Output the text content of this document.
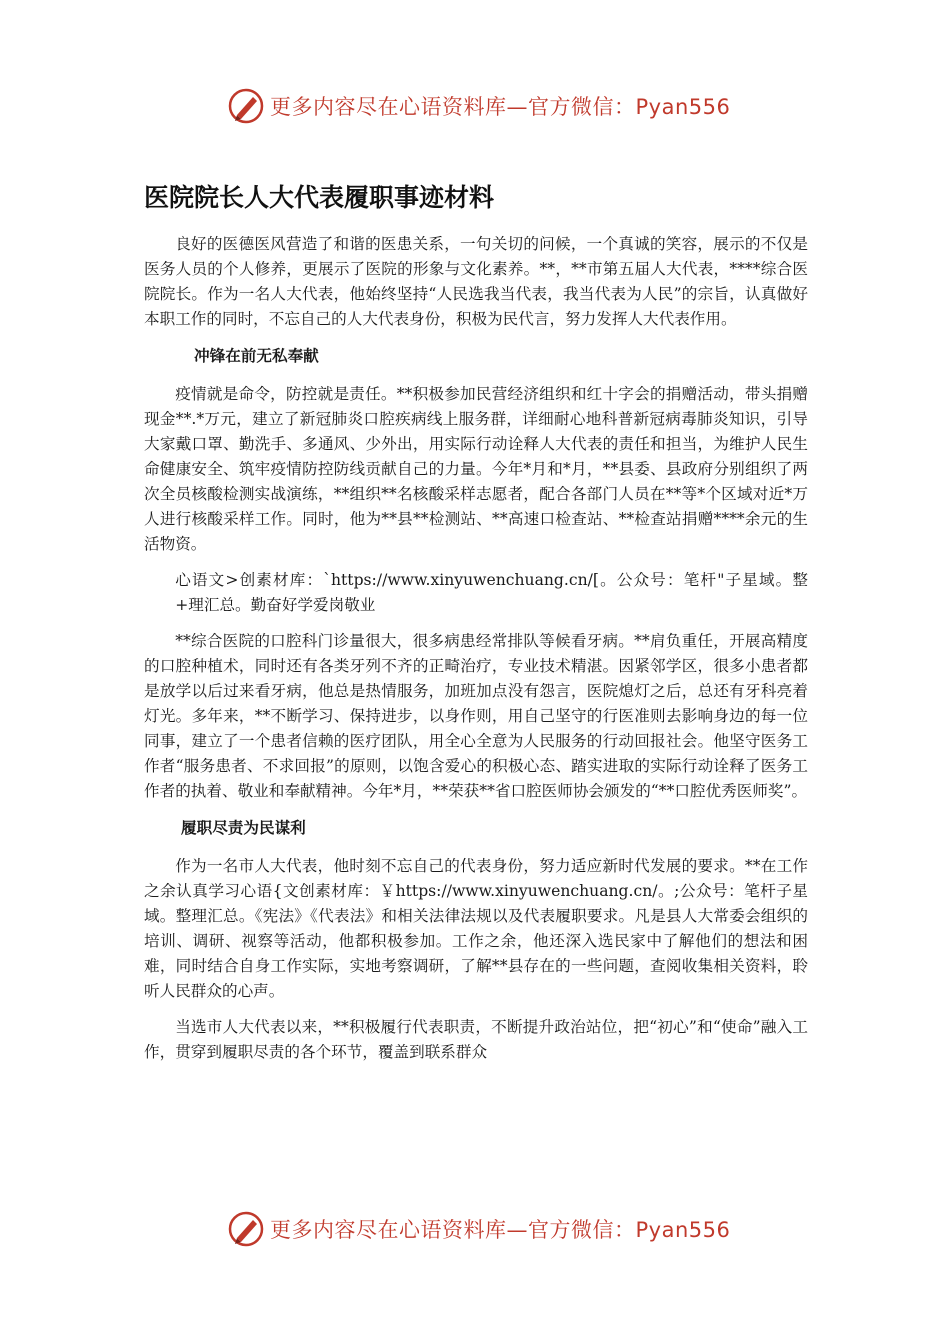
更多内容尽在心语资料库—官方微信：Pyan556
医院院长人大代表履职事迹材料

良好的医德医风营造了和谐的医患关系，一句关切的问候，一个真诚的笑容，展示的不仅是医务人员的个人修养，更展示了医院的形象与文化素养。**，**市第五届人大代表，****综合医院院长。作为一名人大代表，他始终坚持“人民选我当代表，我当代表为人民”的宗旨，认真做好本职工作的同时，不忘自己的人大代表身份，积极为民代言，努力发挥人大代表作用。

冲锋在前无私奉献

疫情就是命令，防控就是责任。**积极参加民营经济组织和红十字会的捐赠活动，带头捐赠现金**.*万元，建立了新冠肺炎口腔疾病线上服务群，详细耐心地科普新冠病毒肺炎知识，引导大家戴口罩、勤洗手、多通风、少外出，用实际行动诠释人大代表的责任和担当，为维护人民生命健康安全、筑牢疫情防控防线贡献自己的力量。今年*月和*月，**县委、县政府分别组织了两次全员核酸检测实战演练，**组织**名核酸采样志愿者，配合各部门人员在**等*个区域对近*万人进行核酸采样工作。同时，他为**县**检测站、**高速口检查站、**检查站捐赠****余元的生活物资。

心语文>创素材库：`https://www.xinyuwenchuang.cn/[。公众号：笔杆"子星域。整+理汇总。勤奋好学爱岗敬业

**综合医院的口腔科门诊量很大，很多病患经常排队等候看牙病。**肩负重任，开展高精度的口腔种植术，同时还有各类牙列不齐的正畸治疗，专业技术精湛。因紧邻学区，很多小患者都是放学以后过来看牙病，他总是热情服务，加班加点没有怨言，医院熄灯之后，总还有牙科亮着灯光。多年来，**不断学习、保持进步，以身作则，用自己坚守的行医准则去影响身边的每一位同事，建立了一个患者信赖的医疗团队，用全心全意为人民服务的行动回报社会。他坚守医务工作者“服务患者、不求回报”的原则，以饱含爱心的积极心态、踏实进取的实际行动诠释了医务工作者的执着、敬业和奉献精神。今年*月，**荣获**省口腔医师协会颁发的“**口腔优秀医师奖”。

履职尽责为民谋利

作为一名市人大代表，他时刻不忘自己的代表身份，努力适应新时代发展的要求。**在工作之余认真学习心语{文创素材库：￥https://www.xinyuwenchuang.cn/。;公众号：笔杆子星域。整理汇总。《宪法》《代表法》和相关法律法规以及代表履职要求。凡是县人大常委会组织的培训、调研、视察等活动，他都积极参加。工作之余，他还深入选民家中了解他们的想法和困难，同时结合自身工作实际，实地考察调研，了解**县存在的一些问题，查阅收集相关资料，聆听人民群众的心声。

当选市人大代表以来，**积极履行代表职责，不断提升政治站位，把“初心”和“使命”融入工作，贯穿到履职尽责的各个环节，覆盖到联系群众

更多内容尽在心语资料库—官方微信：Pyan556
